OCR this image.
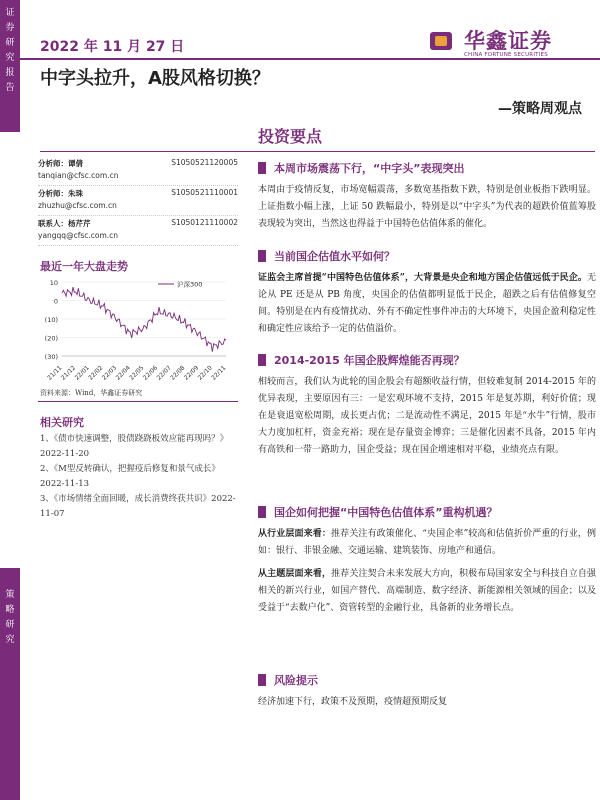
证券研究报告
策略研究
2022 年 11 月 27 日	华鑫证券
CHINA FORTUNE SECURITIES
中字头拉升，A股风格切换？
—策略周观点
投资要点
分析师：谭倩	S1050521120005
tanqian@cfsc.com.cn
分析师：朱珠	S1050521110001
zhuzhu@cfsc.com.cn
联系人：杨芹芹	S1050121110002
yangqq@cfsc.com.cn
最近一年大盘走势
10
0
(10)
(20)
(30)
21/11
21/12
22/01
22/02
22/03
22/04
22/05
22/06
22/07
22/08
22/09
22/10
22/11
沪深300
资料来源：Wind，华鑫证券研究
相关研究
1、《债市快速调整，股债跷跷板效应能再现吗？》2022-11-20
2、《M型反转确认，把握疫后修复和景气成长》2022-11-13
3、《市场情绪全面回暖，成长消费终获共识》2022-11-07
本周市场震荡下行，“中字头”表现突出
本周由于疫情反复，市场宽幅震荡，多数宽基指数下跌，特别是创业板指下跌明显。上证指数小幅上涨，上证 50 跌幅最小，特别是以“中字头”为代表的超跌价值蓝筹股表现较为突出，当然这也得益于中国特色估值体系的催化。
当前国企估值水平如何？
证监会主席首提“中国特色估值体系”，大背景是央企和地方国企估值远低于民企。无论从 PE 还是从 PB 角度，央国企的估值都明显低于民企，超跌之后有估值修复空间。特别是在内有疫情扰动、外有不确定性事件冲击的大环境下，央国企盈利稳定性和确定性应该给予一定的估值溢价。
2014-2015 年国企股辉煌能否再现？
相较而言，我们认为此轮的国企股会有超额收益行情，但较难复制 2014-2015 年的优异表现，主要原因有三：一是宏观环境不支持，2015 年是复苏期，利好价值；现在是衰退宽松周期，成长更占优；二是流动性不满足，2015 年是“水牛”行情，股市大力度加杠杆，资金充裕；现在是存量资金博弈；三是催化因素不具备，2015 年内有高铁和一带一路助力，国企受益；现在国企增速相对平稳，业绩亮点有限。
国企如何把握“中国特色估值体系”重构机遇？
从行业层面来看：推荐关注有政策催化、“央国企率”较高和估值折价严重的行业，例如：银行、非银金融、交通运输、建筑装饰、房地产和通信。
从主题层面来看，推荐关注契合未来发展大方向，积极布局国家安全与科技自立自强相关的新兴行业，如国产替代、高端制造、数字经济、新能源相关领域的国企；以及受益于“去数户化”、资管转型的金融行业，具备新的业务增长点。
风险提示
经济加速下行，政策不及预期，疫情超预期反复
